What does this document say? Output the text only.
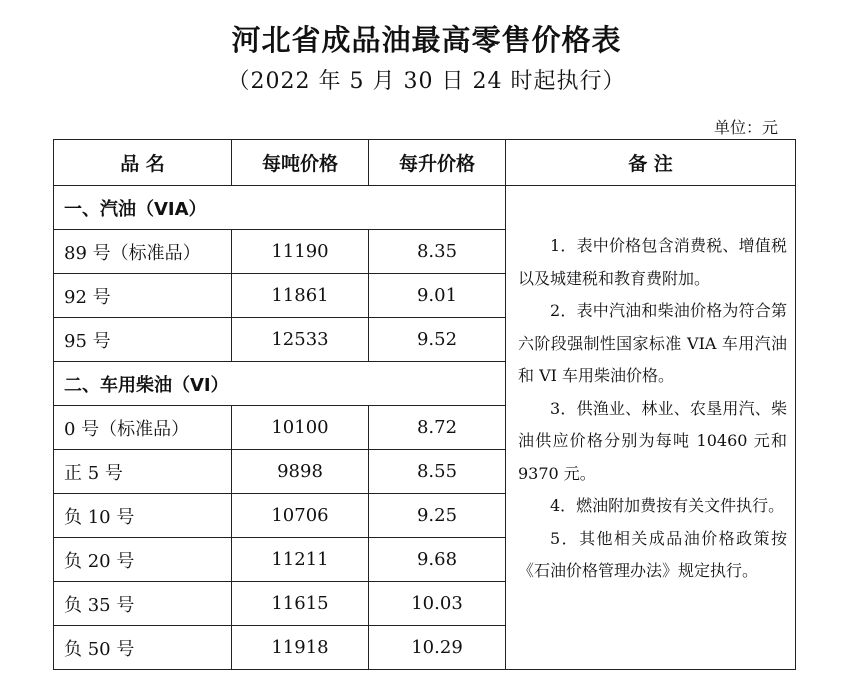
河北省成品油最高零售价格表
（2022 年 5 月 30 日 24 时起执行）
单位：元
品 名	每吨价格	每升价格	备 注
一、汽油（VIA）			1．表中价格包含消费税、增值税以及城建税和教育费附加。

2．表中汽油和柴油价格为符合第六阶段强制性国家标准 VIA 车用汽油和 VI 车用柴油价格。

3．供渔业、林业、农垦用汽、柴油供应价格分别为每吨 10460 元和 9370 元。

4．燃油附加费按有关文件执行。

5．其他相关成品油价格政策按《石油价格管理办法》规定执行。

89 号（标准品）	11190	8.35	
92 号	11861	9.01	
95 号	12533	9.52	
二、车用柴油（VI）			
0 号（标准品）	10100	8.72	
正 5 号	9898	8.55	
负 10 号	10706	9.25	
负 20 号	11211	9.68	
负 35 号	11615	10.03	
负 50 号	11918	10.29	
